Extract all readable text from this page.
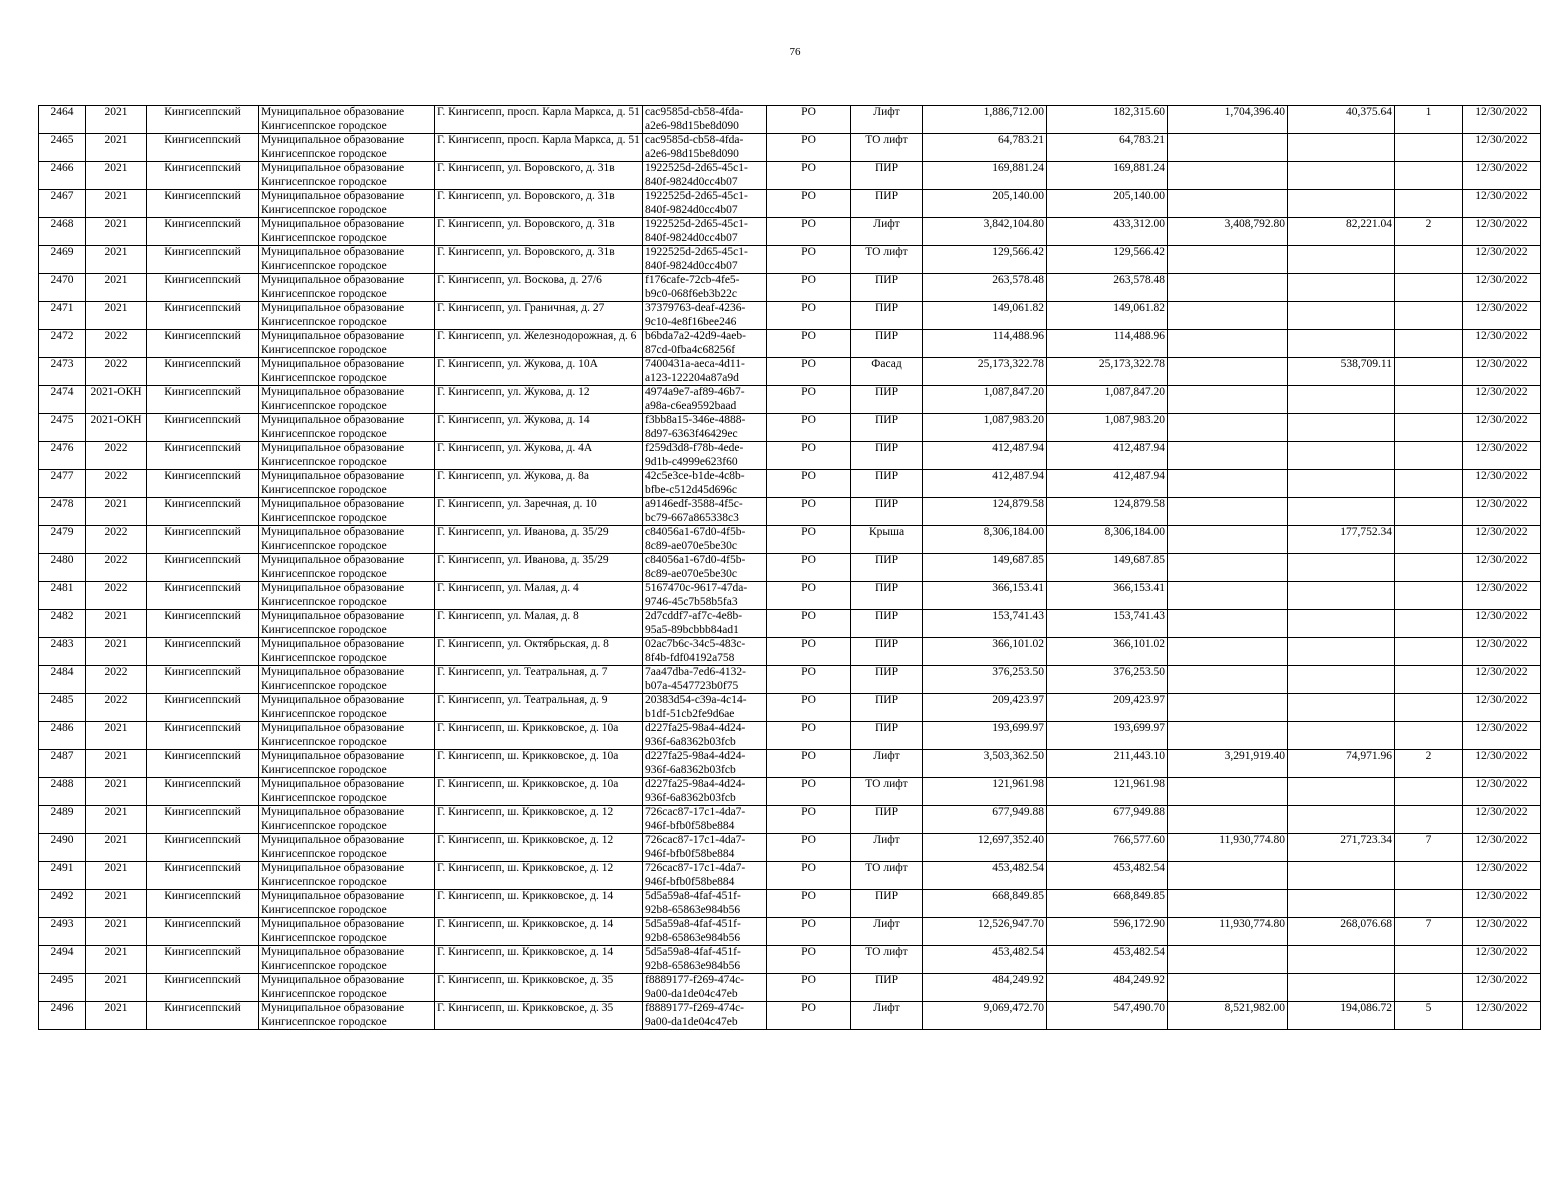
76
2464	2021	Кингисеппский	Муниципальное образование Кингисеппское городское	Г. Кингисепп, просп. Карла Маркса, д. 51	cac9585d-cb58-4fda-a2e6-98d15be8d090	РО	Лифт	1,886,712.00	182,315.60	1,704,396.40	40,375.64	1	12/30/2022
2465	2021	Кингисеппский	Муниципальное образование Кингисеппское городское	Г. Кингисепп, просп. Карла Маркса, д. 51	cac9585d-cb58-4fda-a2e6-98d15be8d090	РО	ТО лифт	64,783.21	64,783.21				12/30/2022
2466	2021	Кингисеппский	Муниципальное образование Кингисеппское городское	Г. Кингисепп, ул. Воровского, д. 31в	1922525d-2d65-45c1-840f-9824d0cc4b07	РО	ПИР	169,881.24	169,881.24				12/30/2022
2467	2021	Кингисеппский	Муниципальное образование Кингисеппское городское	Г. Кингисепп, ул. Воровского, д. 31в	1922525d-2d65-45c1-840f-9824d0cc4b07	РО	ПИР	205,140.00	205,140.00				12/30/2022
2468	2021	Кингисеппский	Муниципальное образование Кингисеппское городское	Г. Кингисепп, ул. Воровского, д. 31в	1922525d-2d65-45c1-840f-9824d0cc4b07	РО	Лифт	3,842,104.80	433,312.00	3,408,792.80	82,221.04	2	12/30/2022
2469	2021	Кингисеппский	Муниципальное образование Кингисеппское городское	Г. Кингисепп, ул. Воровского, д. 31в	1922525d-2d65-45c1-840f-9824d0cc4b07	РО	ТО лифт	129,566.42	129,566.42				12/30/2022
2470	2021	Кингисеппский	Муниципальное образование Кингисеппское городское	Г. Кингисепп, ул. Воскова, д. 27/6	f176cafe-72cb-4fe5-b9c0-068f6eb3b22c	РО	ПИР	263,578.48	263,578.48				12/30/2022
2471	2021	Кингисеппский	Муниципальное образование Кингисеппское городское	Г. Кингисепп, ул. Граничная, д. 27	37379763-deaf-4236-9c10-4e8f16bee246	РО	ПИР	149,061.82	149,061.82				12/30/2022
2472	2022	Кингисеппский	Муниципальное образование Кингисеппское городское	Г. Кингисепп, ул. Железнодорожная, д. 6	b6bda7a2-42d9-4aeb-87cd-0fba4c68256f	РО	ПИР	114,488.96	114,488.96				12/30/2022
2473	2022	Кингисеппский	Муниципальное образование Кингисеппское городское	Г. Кингисепп, ул. Жукова, д. 10А	7400431a-aeca-4d11-a123-122204a87a9d	РО	Фасад	25,173,322.78	25,173,322.78		538,709.11		12/30/2022
2474	2021-ОКН	Кингисеппский	Муниципальное образование Кингисеппское городское	Г. Кингисепп, ул. Жукова, д. 12	4974a9e7-af89-46b7-a98a-c6ea9592baad	РО	ПИР	1,087,847.20	1,087,847.20				12/30/2022
2475	2021-ОКН	Кингисеппский	Муниципальное образование Кингисеппское городское	Г. Кингисепп, ул. Жукова, д. 14	f3bb8a15-346e-4888-8d97-6363f46429ec	РО	ПИР	1,087,983.20	1,087,983.20				12/30/2022
2476	2022	Кингисеппский	Муниципальное образование Кингисеппское городское	Г. Кингисепп, ул. Жукова, д. 4А	f259d3d8-f78b-4ede-9d1b-c4999e623f60	РО	ПИР	412,487.94	412,487.94				12/30/2022
2477	2022	Кингисеппский	Муниципальное образование Кингисеппское городское	Г. Кингисепп, ул. Жукова, д. 8а	42c5e3ce-b1de-4c8b-bfbe-c512d45d696c	РО	ПИР	412,487.94	412,487.94				12/30/2022
2478	2021	Кингисеппский	Муниципальное образование Кингисеппское городское	Г. Кингисепп, ул. Заречная, д. 10	a9146edf-3588-4f5c-bc79-667a865338c3	РО	ПИР	124,879.58	124,879.58				12/30/2022
2479	2022	Кингисеппский	Муниципальное образование Кингисеппское городское	Г. Кингисепп, ул. Иванова, д. 35/29	c84056a1-67d0-4f5b-8c89-ae070e5be30c	РО	Крыша	8,306,184.00	8,306,184.00		177,752.34		12/30/2022
2480	2022	Кингисеппский	Муниципальное образование Кингисеппское городское	Г. Кингисепп, ул. Иванова, д. 35/29	c84056a1-67d0-4f5b-8c89-ae070e5be30c	РО	ПИР	149,687.85	149,687.85				12/30/2022
2481	2022	Кингисеппский	Муниципальное образование Кингисеппское городское	Г. Кингисепп, ул. Малая, д. 4	5167470c-9617-47da-9746-45c7b58b5fa3	РО	ПИР	366,153.41	366,153.41				12/30/2022
2482	2021	Кингисеппский	Муниципальное образование Кингисеппское городское	Г. Кингисепп, ул. Малая, д. 8	2d7cddf7-af7c-4e8b-95a5-89bcbbb84ad1	РО	ПИР	153,741.43	153,741.43				12/30/2022
2483	2021	Кингисеппский	Муниципальное образование Кингисеппское городское	Г. Кингисепп, ул. Октябрьская, д. 8	02ac7b6c-34c5-483c-8f4b-fdf04192a758	РО	ПИР	366,101.02	366,101.02				12/30/2022
2484	2022	Кингисеппский	Муниципальное образование Кингисеппское городское	Г. Кингисепп, ул. Театральная, д. 7	7aa47dba-7ed6-4132-b07a-4547723b0f75	РО	ПИР	376,253.50	376,253.50				12/30/2022
2485	2022	Кингисеппский	Муниципальное образование Кингисеппское городское	Г. Кингисепп, ул. Театральная, д. 9	20383d54-c39a-4c14-b1df-51cb2fe9d6ae	РО	ПИР	209,423.97	209,423.97				12/30/2022
2486	2021	Кингисеппский	Муниципальное образование Кингисеппское городское	Г. Кингисепп, ш. Крикковское, д. 10а	d227fa25-98a4-4d24-936f-6a8362b03fcb	РО	ПИР	193,699.97	193,699.97				12/30/2022
2487	2021	Кингисеппский	Муниципальное образование Кингисеппское городское	Г. Кингисепп, ш. Крикковское, д. 10а	d227fa25-98a4-4d24-936f-6a8362b03fcb	РО	Лифт	3,503,362.50	211,443.10	3,291,919.40	74,971.96	2	12/30/2022
2488	2021	Кингисеппский	Муниципальное образование Кингисеппское городское	Г. Кингисепп, ш. Крикковское, д. 10а	d227fa25-98a4-4d24-936f-6a8362b03fcb	РО	ТО лифт	121,961.98	121,961.98				12/30/2022
2489	2021	Кингисеппский	Муниципальное образование Кингисеппское городское	Г. Кингисепп, ш. Крикковское, д. 12	726cac87-17c1-4da7-946f-bfb0f58be884	РО	ПИР	677,949.88	677,949.88				12/30/2022
2490	2021	Кингисеппский	Муниципальное образование Кингисеппское городское	Г. Кингисепп, ш. Крикковское, д. 12	726cac87-17c1-4da7-946f-bfb0f58be884	РО	Лифт	12,697,352.40	766,577.60	11,930,774.80	271,723.34	7	12/30/2022
2491	2021	Кингисеппский	Муниципальное образование Кингисеппское городское	Г. Кингисепп, ш. Крикковское, д. 12	726cac87-17c1-4da7-946f-bfb0f58be884	РО	ТО лифт	453,482.54	453,482.54				12/30/2022
2492	2021	Кингисеппский	Муниципальное образование Кингисеппское городское	Г. Кингисепп, ш. Крикковское, д. 14	5d5a59a8-4faf-451f-92b8-65863e984b56	РО	ПИР	668,849.85	668,849.85				12/30/2022
2493	2021	Кингисеппский	Муниципальное образование Кингисеппское городское	Г. Кингисепп, ш. Крикковское, д. 14	5d5a59a8-4faf-451f-92b8-65863e984b56	РО	Лифт	12,526,947.70	596,172.90	11,930,774.80	268,076.68	7	12/30/2022
2494	2021	Кингисеппский	Муниципальное образование Кингисеппское городское	Г. Кингисепп, ш. Крикковское, д. 14	5d5a59a8-4faf-451f-92b8-65863e984b56	РО	ТО лифт	453,482.54	453,482.54				12/30/2022
2495	2021	Кингисеппский	Муниципальное образование Кингисеппское городское	Г. Кингисепп, ш. Крикковское, д. 35	f8889177-f269-474c-9a00-da1de04c47eb	РО	ПИР	484,249.92	484,249.92				12/30/2022
2496	2021	Кингисеппский	Муниципальное образование Кингисеппское городское	Г. Кингисепп, ш. Крикковское, д. 35	f8889177-f269-474c-9a00-da1de04c47eb	РО	Лифт	9,069,472.70	547,490.70	8,521,982.00	194,086.72	5	12/30/2022
